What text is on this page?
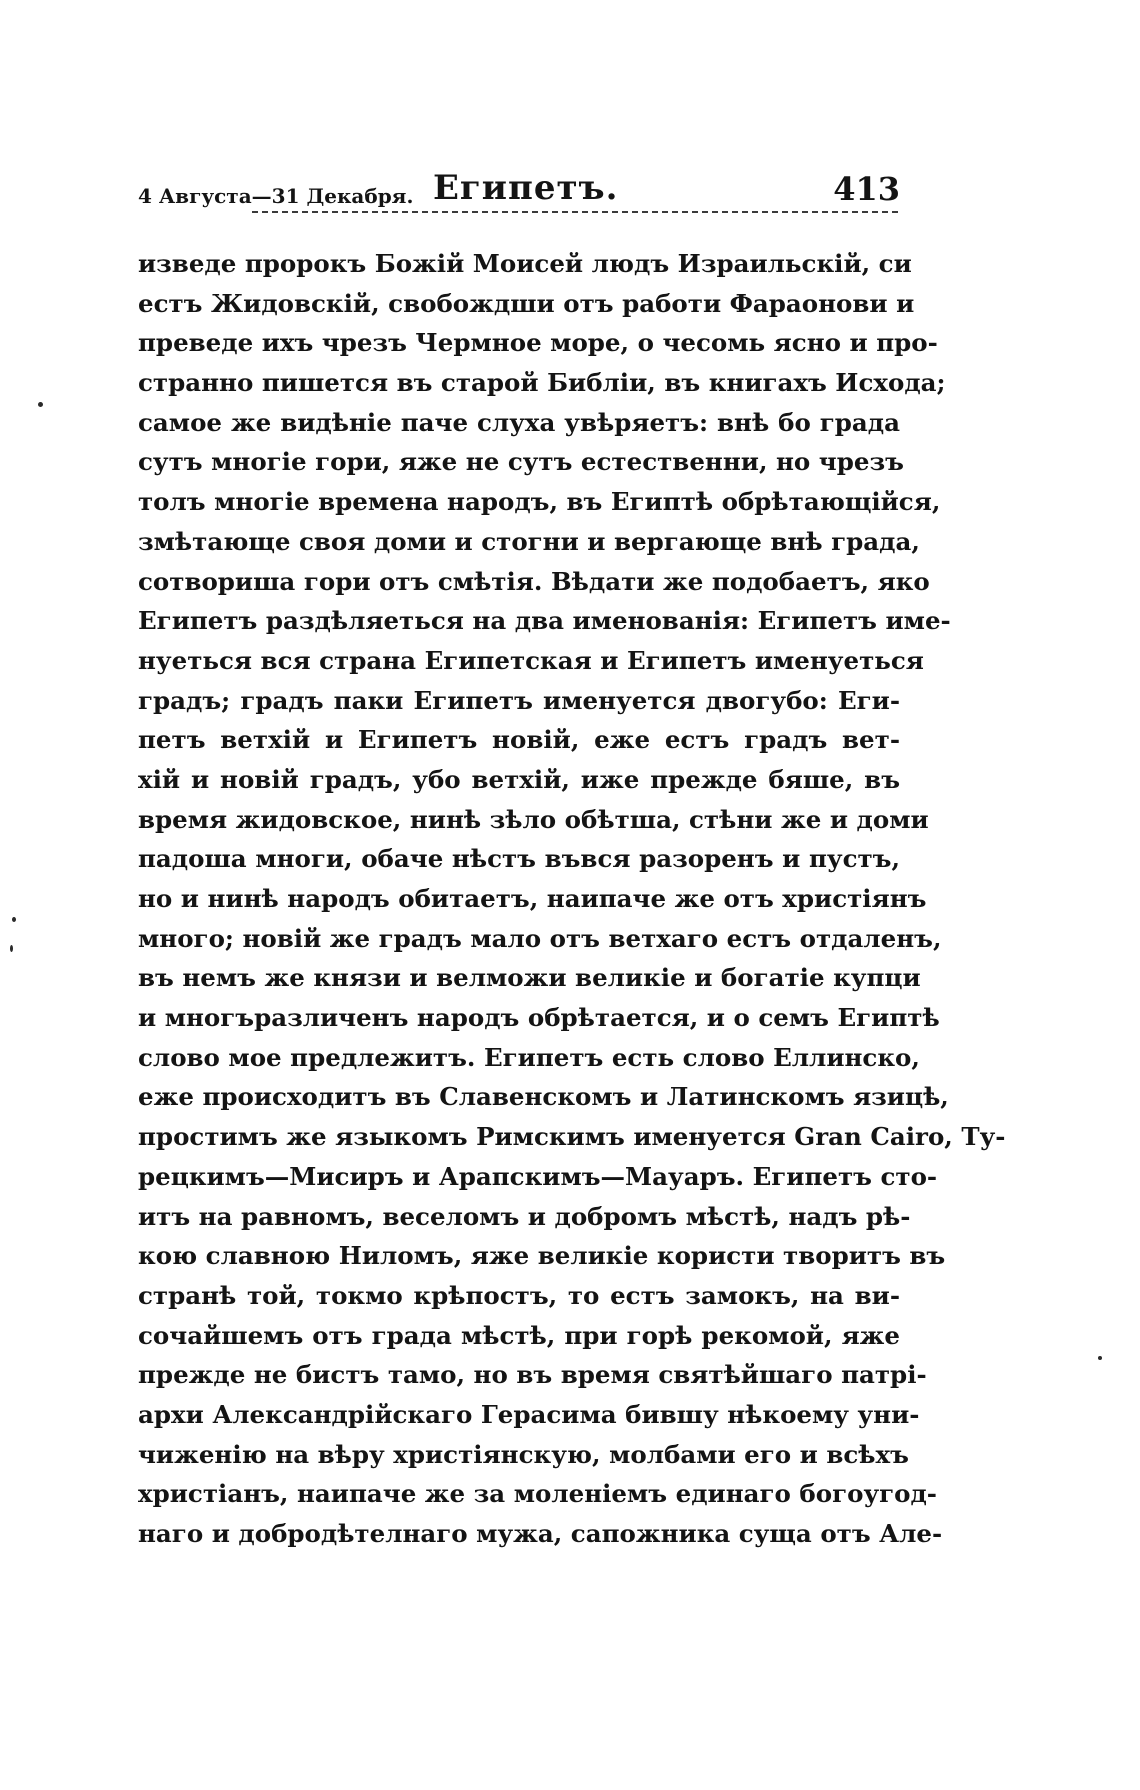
4 Августа—31 Декабря. Египетъ.	413
изведе пророкъ Божій Моисей людъ Израильскій, си
естъ Жидовскій, свобождши отъ работи Фараонови и
преведе ихъ чрезъ Чермное море, о чесомь ясно и про-
странно пишется въ старой Библіи, въ книгахъ Исхода;
самое же видѣніе паче слуха увѣряетъ: внѣ бо града
сутъ многіе гори, яже не сутъ естественни, но чрезъ
толъ многіе времена народъ, въ Египтѣ обрѣтающійся,
змѣтающе своя доми и стогни и вергающе внѣ града,
сотвориша гори отъ смѣтія. Вѣдати же подобаетъ, яко
Египетъ раздѣляеться на два именованія: Египетъ име-
нуеться вся страна Египетская и Египетъ именуеться
градъ; градъ паки Египетъ именуется двогубо: Еги-
петъ ветхій и Египетъ новій, еже естъ градъ вет-
хій и новій градъ, убо ветхій, иже прежде бяше, въ
время жидовское, нинѣ зѣло обѣтша, стѣни же и доми
падоша многи, обаче нѣстъ въвся разоренъ и пустъ,
но и нинѣ народъ обитаетъ, наипаче же отъ христіянъ
много; новій же градъ мало отъ ветхаго естъ отдаленъ,
въ немъ же князи и велможи великіе и богатіе купци
и многъразличенъ народъ обрѣтается, и о семъ Египтѣ
слово мое предлежитъ. Египетъ есть слово Еллинско,
еже происходитъ въ Славенскомъ и Латинскомъ язицѣ,
простимъ же языкомъ Римскимъ именуется Gran Cairo, Ту-
рецкимъ—Мисиръ и Арапскимъ—Мауаръ. Египетъ сто-
итъ на равномъ, веселомъ и добромъ мѣстѣ, надъ рѣ-
кою славною Ниломъ, яже великіе користи творитъ въ
странѣ той, токмо крѣпостъ, то естъ замокъ, на ви-
сочайшемъ отъ града мѣстѣ, при горѣ рекомой, яже
прежде не бистъ тамо, но въ время святѣйшаго патрі-
архи Александрійскаго Герасима бившу нѣкоему уни-
чиженію на вѣру христіянскую, молбами его и всѣхъ
христіанъ, наипаче же за моленіемъ единаго богоугод-
наго и добродѣтелнаго мужа, сапожника суща отъ Але-
